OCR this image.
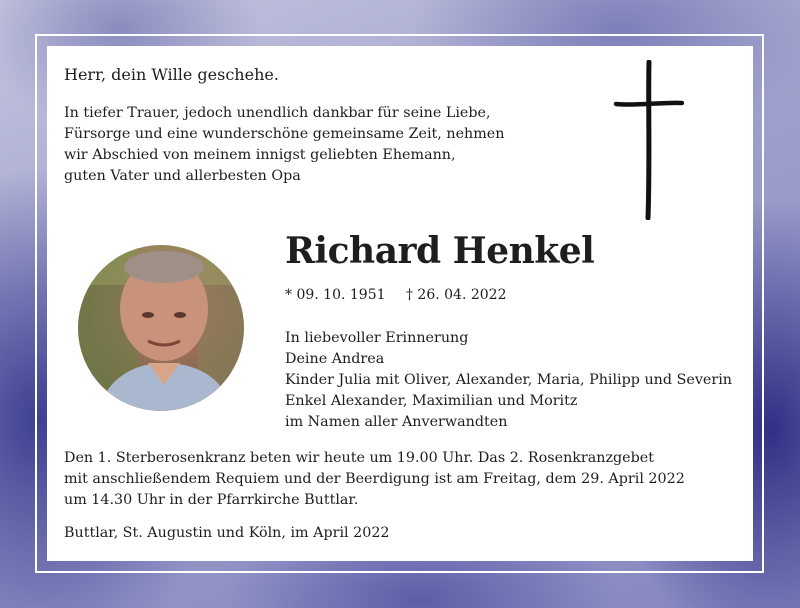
Herr, dein Wille geschehe.
In tiefer Trauer, jedoch unendlich dankbar für seine Liebe,
Fürsorge und eine wunderschöne gemeinsame Zeit, nehmen
wir Abschied von meinem innigst geliebten Ehemann,
guten Vater und allerbesten Opa
Richard Henkel
* 09. 10. 1951 † 26. 04. 2022
In liebevoller Erinnerung
Deine Andrea
Kinder Julia mit Oliver, Alexander, Maria, Philipp und Severin
Enkel Alexander, Maximilian und Moritz
im Namen aller Anverwandten
Den 1. Sterberosenkranz beten wir heute um 19.00 Uhr. Das 2. Rosenkranzgebet
mit anschließendem Requiem und der Beerdigung ist am Freitag, dem 29. April 2022
um 14.30 Uhr in der Pfarrkirche Buttlar.
Buttlar, St. Augustin und Köln, im April 2022
